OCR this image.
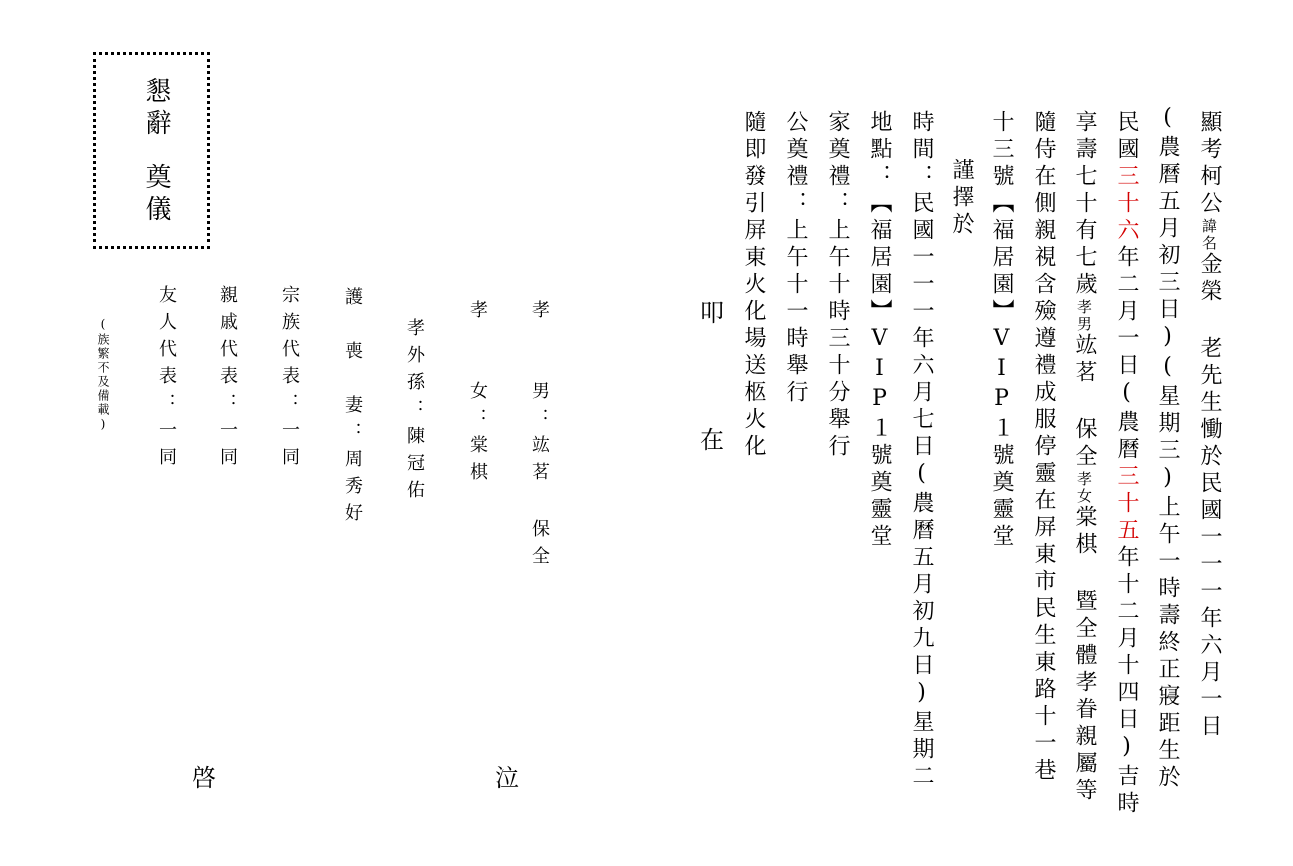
顯考柯公諱名金榮 老先生慟於民國一一一年六月一日
(農曆五月初三日)(星期三)上午一時壽終正寢距生於
民國三十六年二月一日(農曆三十五年十二月十四日)吉時
享壽七十有七歲孝男竑茗 保全孝女棠棋 暨全體孝眷親屬等
隨侍在側親視含殮遵禮成服停靈在屏東市民生東路十一巷
十三號【福居園】VIP１號奠靈堂
謹擇於
時間：民國一一一年六月七日(農曆五月初九日)星期二
地點：【福居園】VIP１號奠靈堂
家奠禮：上午十時三十分舉行
公奠禮：上午十一時舉行
隨即發引屏東火化場送柩火化
叩
在
懇辭
奠儀
孝　　男：竑茗 保全
孝　　女：棠棋
孝外孫：陳冠佑
護　喪　妻：周秀好
宗族代表：一同
親戚代表：一同
友人代表：一同
(族繁不及備載)
泣
啓
